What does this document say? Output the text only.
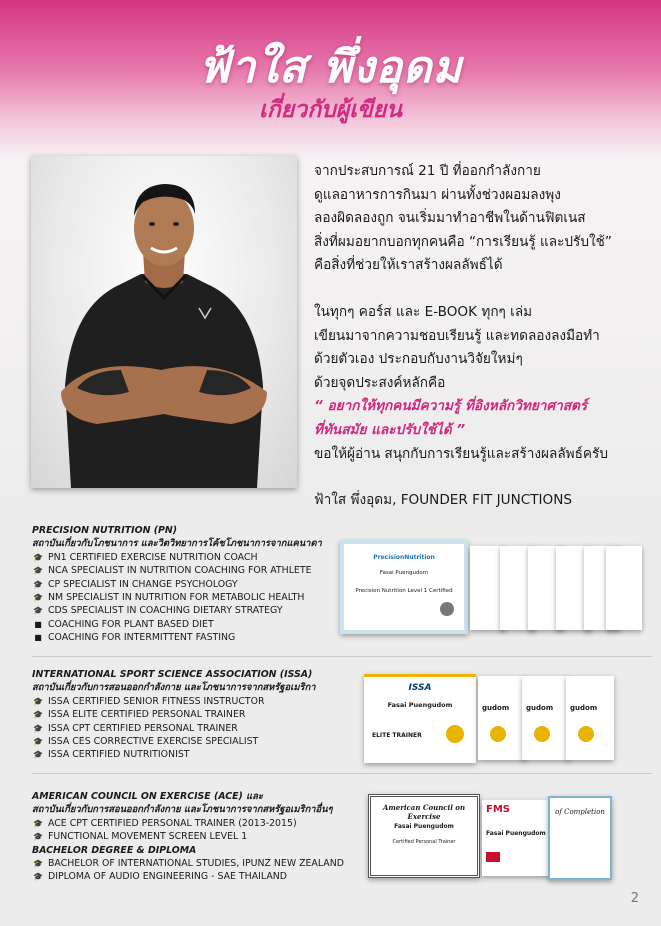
ฟ้าใส พึ่งอุดม
เกี่ยวกับผู้เขียน

จากประสบการณ์ 21 ปี ที่ออกกำลังกาย

ดูแลอาหารการกินมา ผ่านทั้งช่วงผอมลงพุง

ลองผิดลองถูก จนเริ่มมาทำอาชีพในด้านฟิตเนส

สิ่งที่ผมอยากบอกทุกคนคือ “การเรียนรู้ และปรับใช้”

คือสิ่งที่ช่วยให้เราสร้างผลลัพธ์ได้

ในทุกๆ คอร์ส และ E-BOOK ทุกๆ เล่ม

เขียนมาจากความชอบเรียนรู้ และทดลองลงมือทำ

ด้วยตัวเอง ประกอบกับงานวิจัยใหม่ๆ

ด้วยจุดประสงค์หลักคือ

“ อยากให้ทุกคนมีความรู้ ที่อิงหลักวิทยาศาสตร์

ที่ทันสมัย และปรับใช้ได้ ”

ขอให้ผู้อ่าน สนุกกับการเรียนรู้และสร้างผลลัพธ์ครับ

ฟ้าใส พึ่งอุดม, FOUNDER FIT JUNCTIONS

PRECISION NUTRITION (PN)
สถาบันเกี่ยวกับโภชนาการ และวิตวิทยาการโค้ชโภชนาการจากแคนาดา
🎓 PN1 CERTIFIED EXERCISE NUTRITION COACH
🎓 NCA SPECIALIST IN NUTRITION COACHING FOR ATHLETE
🎓 CP SPECIALIST IN CHANGE PSYCHOLOGY
🎓 NM SPECIALIST IN NUTRITION FOR METABOLIC HEALTH
🎓 CDS SPECIALIST IN COACHING DIETARY STRATEGY
■ COACHING FOR PLANT BASED DIET
■ COACHING FOR INTERMITTENT FASTING
PrecisionNutrition
Fasai Puengudom
Precision Nutrition Level 1 Certified
INTERNATIONAL SPORT SCIENCE ASSOCIATION (ISSA)
สถาบันเกี่ยวกับการสอนออกกำลังกาย และโภชนาการจากสหรัฐอเมริกา
🎓 ISSA CERTIFIED SENIOR FITNESS INSTRUCTOR
🎓 ISSA ELITE CERTIFIED PERSONAL TRAINER
🎓 ISSA CPT CERTIFIED PERSONAL TRAINER
🎓 ISSA CES CORRECTIVE EXERCISE SPECIALIST
🎓 ISSA CERTIFIED NUTRITIONIST
ISSA
Fasai Puengudom
ELITE TRAINER
gudom gudom gudom
AMERICAN COUNCIL ON EXERCISE (ACE) และ
สถาบันเกี่ยวกับการสอนออกกำลังกาย และโภชนาการจากสหรัฐอเมริกาอื่นๆ
🎓 ACE CPT CERTIFIED PERSONAL TRAINER (2013-2015)
🎓 FUNCTIONAL MOVEMENT SCREEN LEVEL 1
BACHELOR DEGREE & DIPLOMA
🎓 BACHELOR OF INTERNATIONAL STUDIES, IPUNZ NEW ZEALAND
🎓 DIPLOMA OF AUDIO ENGINEERING - SAE THAILAND
American Council on Exercise
Fasai Puengudom
Certified Personal Trainer
FMS
Fasai Puengudom
of Completion
2
